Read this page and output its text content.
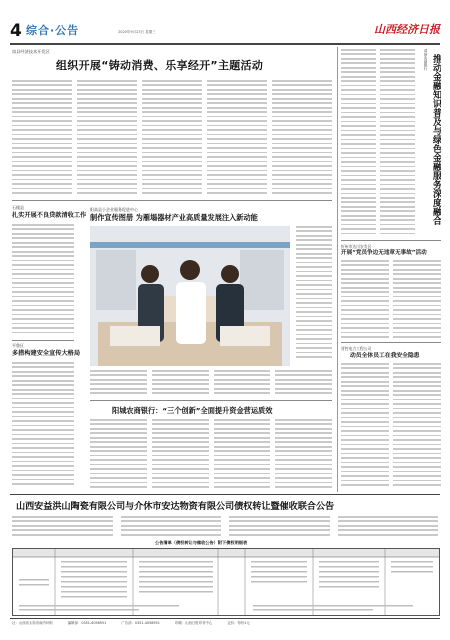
4 综合·公告	2020年9月23日 星期三	山西经济日报
岚县经济技术开发区
组织开展“铸动消费、乐享经开”主题活动
石楼县
扎实开展不良贷款清收工作
平鲁区
多措构建安全宣传大格局
阳高县小企业服务促进中心
制作宣传图册 为雁塌器材产业高质量发展注入新动能
阳城农商银行：“三个创新”全面提升资金营运质效
清徐农商银行 推动金融知识普及与绿色金融服务深度融合
忻州市达川农发区
开展“党员争边无违章无事故”活动
晋控电力工程公司
动员全体员工在我安全隐患
山西安益洪山陶瓷有限公司与介休市安达物资有限公司债权转让暨催收联合公告
公告清单（债权转让与催收公告）附下债权明细表
社：山西省太原市南内环街	编辑部：0351-4058951	广告部：0351-4058951	印刷：山西日报印务中心	定价：每份1元
